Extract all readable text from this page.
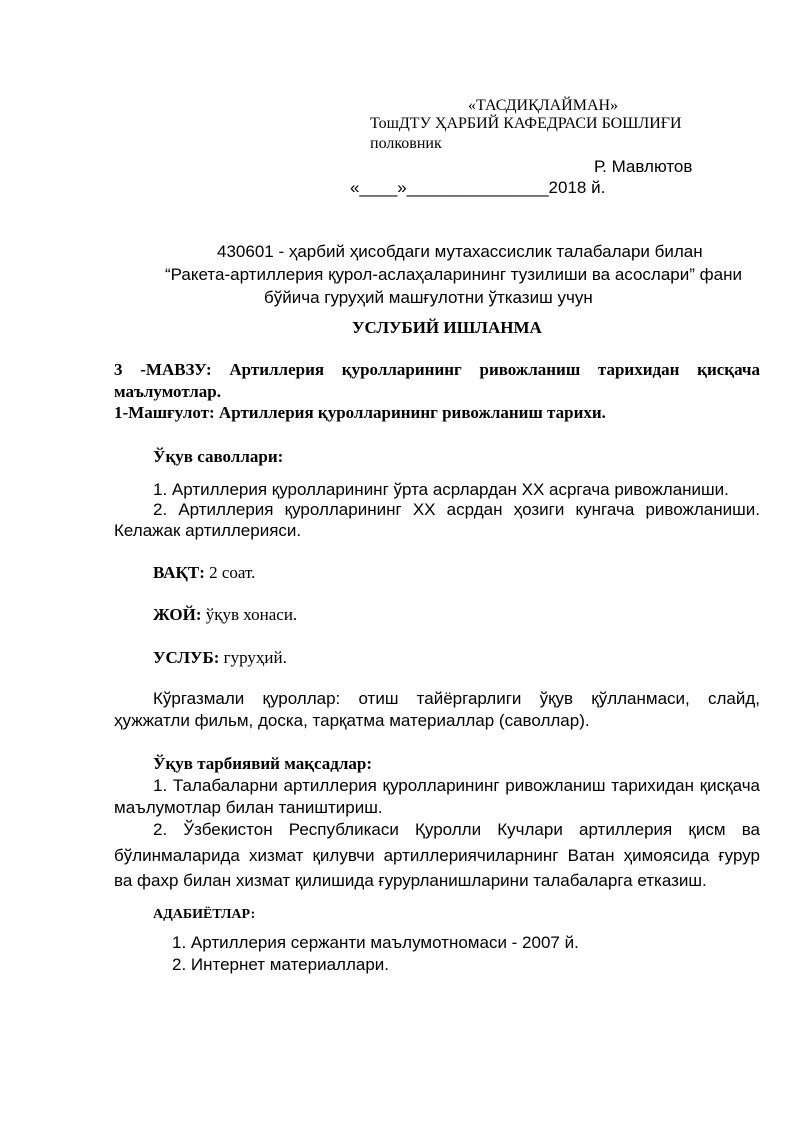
«ТАСДИҚЛАЙМАН»
ТошДТУ ҲАРБИЙ КАФЕДРАСИ БОШЛИҒИ
полковник
Р. Мавлютов
«____»_______________2018 й.
430601 - ҳарбий ҳисобдаги мутахассислик талабалари билан
“Ракета-артиллерия қурол-аслаҳаларининг тузилиши ва асослари” фани
бўйича гуруҳий машғулотни ўтказиш учун
УСЛУБИЙ ИШЛАНМА
3 -МАВЗУ: Артиллерия қуролларининг ривожланиш тарихидан қисқача
маълумотлар.
1-Машғулот: Артиллерия қуролларининг ривожланиш тарихи.
Ўқув саволлари:
1. Артиллерия қуролларининг ўрта асрлардан XX асргача ривожланиши.
2. Артиллерия қуролларининг XX асрдан ҳозиги кунгача ривожланиши.
Келажак артиллерияси.
ВАҚТ: 2 соат.
ЖОЙ: ўқув хонаси.
УСЛУБ: гуруҳий.
Кўргазмали қуроллар: отиш тайёргарлиги ўқув қўлланмаси, слайд,
ҳужжатли фильм, доска, тарқатма материаллар (саволлар).
Ўқув тарбиявий мақсадлар:
1. Талабаларни артиллерия қуролларининг ривожланиш тарихидан қисқача
маълумотлар билан таништириш.
2. Ўзбекистон Республикаси Қуролли Кучлари артиллерия қисм ва
бўлинмаларида хизмат қилувчи артиллериячиларнинг Ватан ҳимоясида ғурур
ва фахр билан хизмат қилишида ғурурланишларини талабаларга етказиш.
АДАБИЁТЛАР:
1. Артиллерия сержанти маълумотномаси - 2007 й.
2. Интернет материаллари.
